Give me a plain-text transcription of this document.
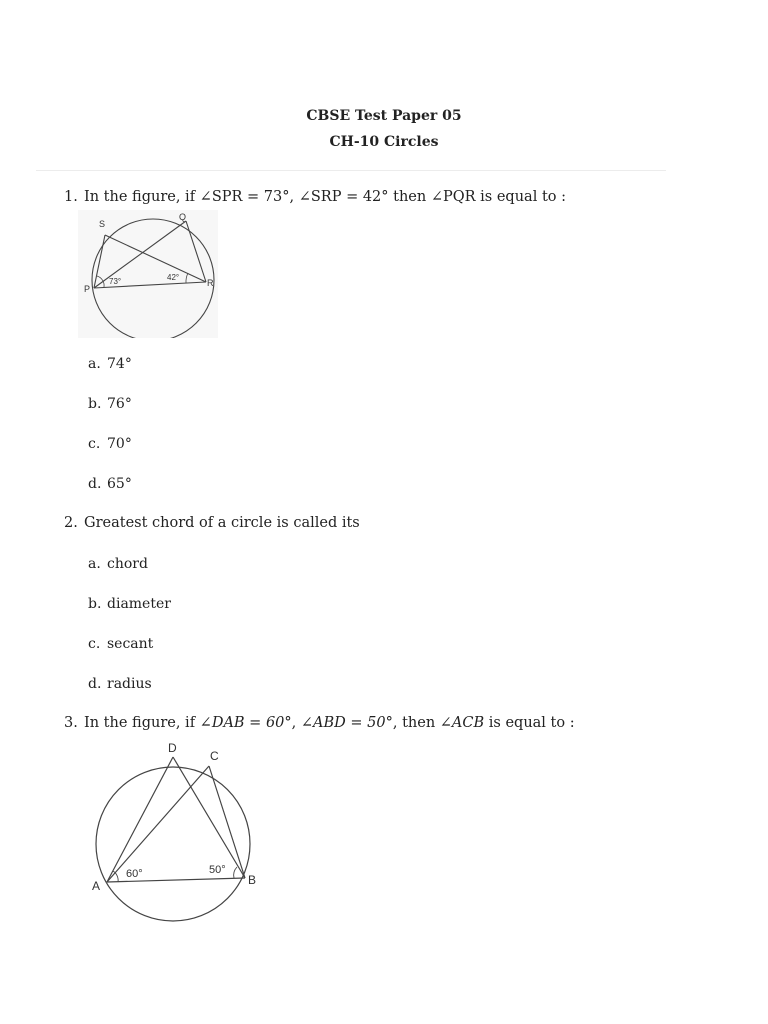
CBSE Test Paper 05
CH-10 Circles
1. In the figure, if ∠SPR = 73°, ∠SRP = 42° then ∠PQR is equal to :
S
Q
P
R
73°	42°
a. 74°
b. 76°
c. 70°
d. 65°
2. Greatest chord of a circle is called its
a. chord
b. diameter
c. secant
d. radius
3. In the figure, if ∠DAB = 60°, ∠ABD = 50°, then ∠ACB is equal to :
D
C
A	B
60°	50°
